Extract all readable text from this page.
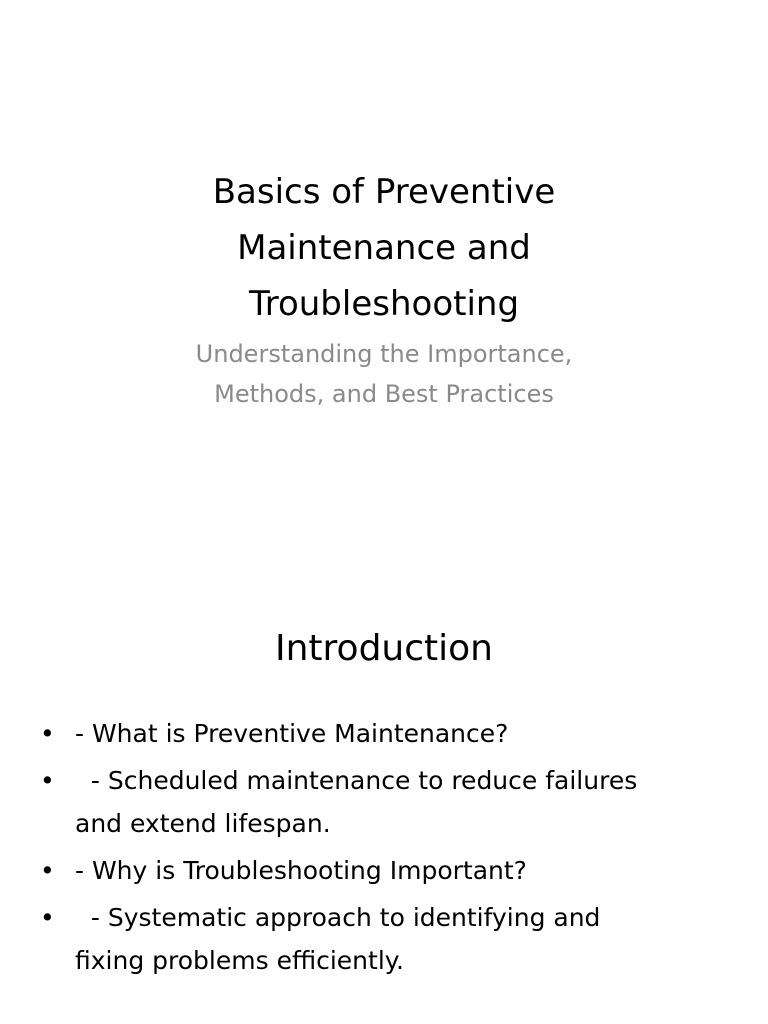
Basics of Preventive
Maintenance and
Troubleshooting
Understanding the Importance,
Methods, and Best Practices
Introduction
• - What is Preventive Maintenance?
• - Scheduled maintenance to reduce failures
and extend lifespan.
• - Why is Troubleshooting Important?
• - Systematic approach to identifying and
fixing problems efficiently.
